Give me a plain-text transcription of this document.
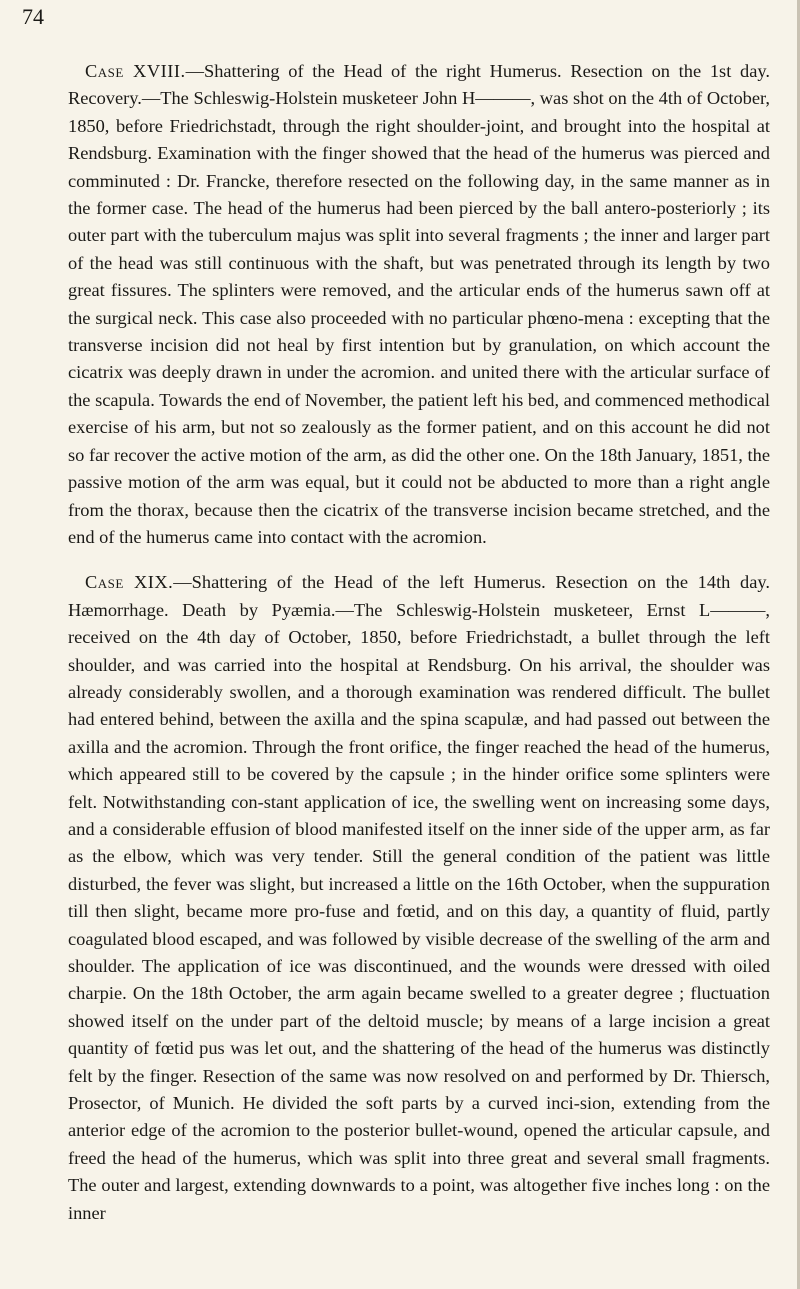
74

Case XVIII.—Shattering of the Head of the right Humerus. Resection on the 1st day. Recovery.—The Schleswig-Holstein musketeer John H———, was shot on the 4th of October, 1850, before Friedrichstadt, through the right shoulder-joint, and brought into the hospital at Rendsburg. Examination with the finger showed that the head of the humerus was pierced and comminuted : Dr. Francke, therefore resected on the following day, in the same manner as in the former case. The head of the humerus had been pierced by the ball antero-posteriorly ; its outer part with the tuberculum majus was split into several fragments ; the inner and larger part of the head was still continuous with the shaft, but was penetrated through its length by two great fissures. The splinters were removed, and the articular ends of the humerus sawn off at the surgical neck. This case also proceeded with no particular phœno-mena : excepting that the transverse incision did not heal by first intention but by granulation, on which account the cicatrix was deeply drawn in under the acromion. and united there with the articular surface of the scapula. Towards the end of November, the patient left his bed, and commenced methodical exercise of his arm, but not so zealously as the former patient, and on this account he did not so far recover the active motion of the arm, as did the other one. On the 18th January, 1851, the passive motion of the arm was equal, but it could not be abducted to more than a right angle from the thorax, because then the cicatrix of the transverse incision became stretched, and the end of the humerus came into contact with the acromion.

Case XIX.—Shattering of the Head of the left Humerus. Resection on the 14th day. Hæmorrhage. Death by Pyæmia.—The Schleswig-Holstein musketeer, Ernst L———, received on the 4th day of October, 1850, before Friedrichstadt, a bullet through the left shoulder, and was carried into the hospital at Rendsburg. On his arrival, the shoulder was already considerably swollen, and a thorough examination was rendered difficult. The bullet had entered behind, between the axilla and the spina scapulæ, and had passed out between the axilla and the acromion. Through the front orifice, the finger reached the head of the humerus, which appeared still to be covered by the capsule ; in the hinder orifice some splinters were felt. Notwithstanding con-stant application of ice, the swelling went on increasing some days, and a considerable effusion of blood manifested itself on the inner side of the upper arm, as far as the elbow, which was very tender. Still the general condition of the patient was little disturbed, the fever was slight, but increased a little on the 16th October, when the suppuration till then slight, became more pro-fuse and fœtid, and on this day, a quantity of fluid, partly coagulated blood escaped, and was followed by visible decrease of the swelling of the arm and shoulder. The application of ice was discontinued, and the wounds were dressed with oiled charpie. On the 18th October, the arm again became swelled to a greater degree ; fluctuation showed itself on the under part of the deltoid muscle; by means of a large incision a great quantity of fœtid pus was let out, and the shattering of the head of the humerus was distinctly felt by the finger. Resection of the same was now resolved on and performed by Dr. Thiersch, Prosector, of Munich. He divided the soft parts by a curved inci-sion, extending from the anterior edge of the acromion to the posterior bullet-wound, opened the articular capsule, and freed the head of the humerus, which was split into three great and several small fragments. The outer and largest, extending downwards to a point, was altogether five inches long : on the inner
